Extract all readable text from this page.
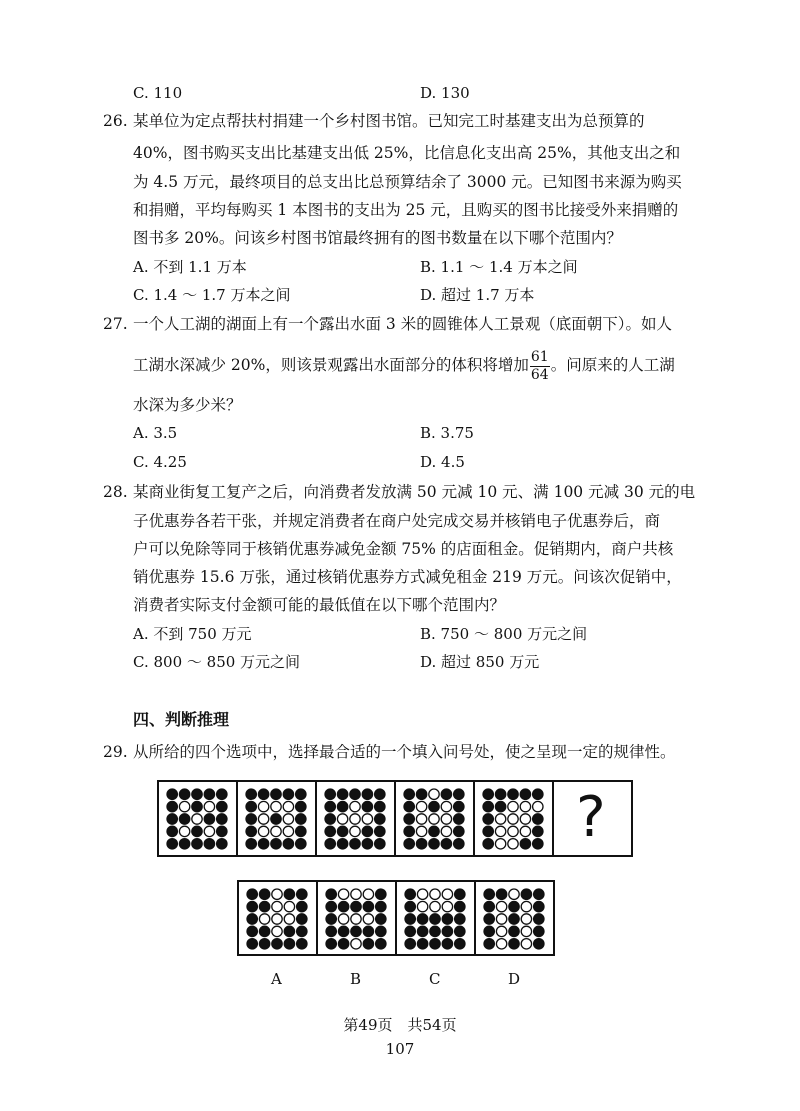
C. 110	D. 130
26. 某单位为定点帮扶村捐建一个乡村图书馆。已知完工时基建支出为总预算的
40%，图书购买支出比基建支出低 25%，比信息化支出高 25%，其他支出之和
为 4.5 万元，最终项目的总支出比总预算结余了 3000 元。已知图书来源为购买
和捐赠，平均每购买 1 本图书的支出为 25 元，且购买的图书比接受外来捐赠的
图书多 20%。问该乡村图书馆最终拥有的图书数量在以下哪个范围内？
A. 不到 1.1 万本	B. 1.1 ～ 1.4 万本之间
C. 1.4 ～ 1.7 万本之间	D. 超过 1.7 万本
27. 一个人工湖的湖面上有一个露出水面 3 米的圆锥体人工景观（底面朝下）。如人
工湖水深减少 20%，则该景观露出水面部分的体积将增加 $\frac{61}{64}$ 。问原来的人工湖
水深为多少米？
A. 3.5	B. 3.75
C. 4.25	D. 4.5
28. 某商业街复工复产之后，向消费者发放满 50 元减 10 元、满 100 元减 30 元的电
子优惠券各若干张，并规定消费者在商户处完成交易并核销电子优惠券后，商
户可以免除等同于核销优惠券减免金额 75% 的店面租金。促销期内，商户共核
销优惠券 15.6 万张，通过核销优惠券方式减免租金 219 万元。问该次促销中，
消费者实际支付金额可能的最低值在以下哪个范围内？
A. 不到 750 万元	B. 750 ～ 800 万元之间
C. 800 ～ 850 万元之间	D. 超过 850 万元
四、判断推理
29. 从所给的四个选项中，选择最合适的一个填入问号处，使之呈现一定的规律性。
?
A	B	C	D
第49页　共54页
107
